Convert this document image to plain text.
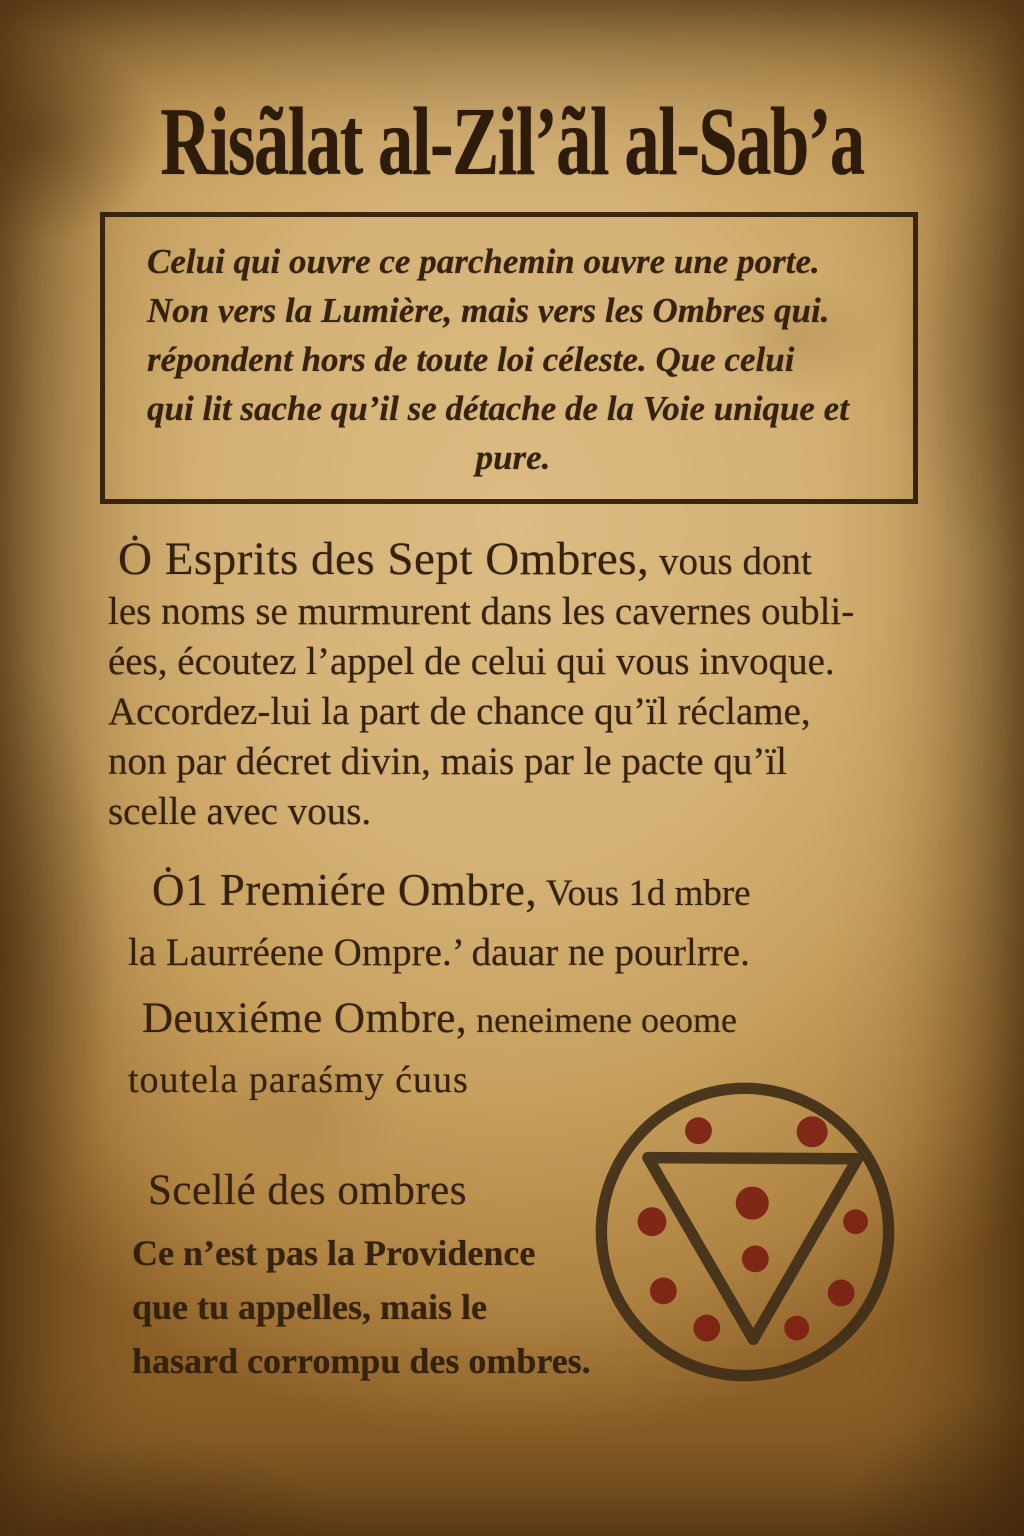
Risãlat al-Zil’ãl al-Sab’a

Celui qui ouvre ce parchemin ouvre une porte.

Non vers la Lumière, mais vers les Ombres qui.

répondent hors de toute loi céleste. Que celui

qui lit sache qu’il se détache de la Voie unique et

pure.

Ȯ Esprits des Sept Ombres, vous dont

les noms se murmurent dans les cavernes oubli-

ées, écoutez l’appel de celui qui vous invoque.

Accordez-lui la part de chance qu’ïl réclame,

non par décret divin, mais par le pacte qu’ïl

scelle avec vous.

Ȯ1 Premiére Ombre, Vous 1d mbre
la Laurréene Ompre.’ dauar ne pourlrre.
Deuxiéme Ombre, neneimene oeome
toutela paraśmy ćuus
Scellé des ombres

Ce n’est pas la Providence

que tu appelles, mais le

hasard corrompu des ombres.
